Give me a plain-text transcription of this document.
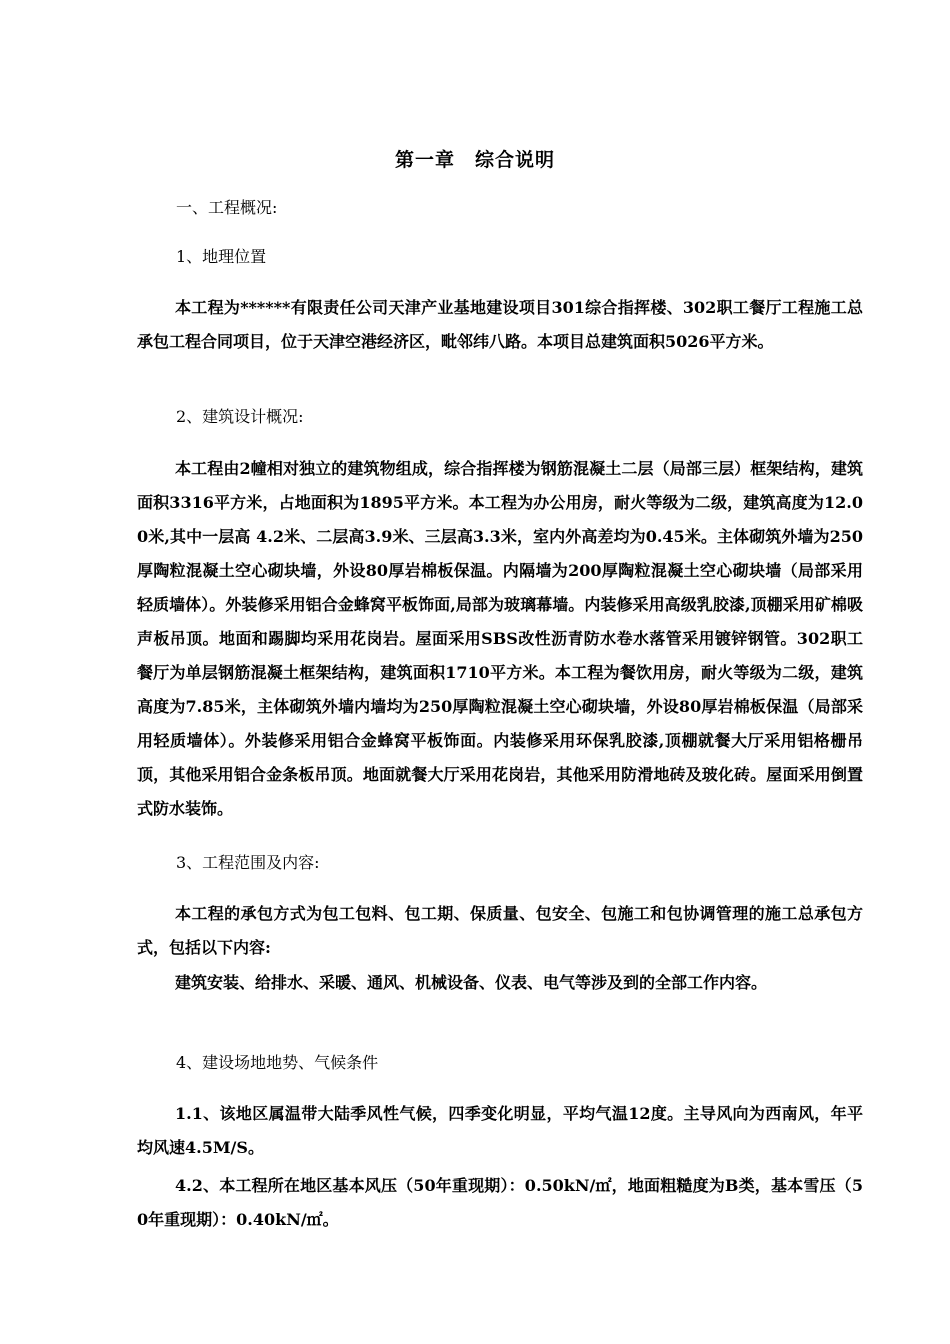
第一章　综合说明
一、工程概况:
1、地理位置
本工程为******有限责任公司天津产业基地建设项目301综合指挥楼、302职工餐厅工程施工总承包工程合同项目，位于天津空港经济区，毗邻纬八路。本项目总建筑面积5026平方米。
2、建筑设计概况:
本工程由2幢相对独立的建筑物组成，综合指挥楼为钢筋混凝土二层（局部三层）框架结构，建筑面积3316平方米，占地面积为1895平方米。本工程为办公用房，耐火等级为二级，建筑高度为12.00米,其中一层高 4.2米、二层高3.9米、三层高3.3米，室内外高差均为0.45米。主体砌筑外墙为250厚陶粒混凝土空心砌块墙，外设80厚岩棉板保温。内隔墙为200厚陶粒混凝土空心砌块墙（局部采用轻质墙体）。外装修采用铝合金蜂窝平板饰面,局部为玻璃幕墙。内装修采用高级乳胶漆,顶棚采用矿棉吸声板吊顶。地面和踢脚均采用花岗岩。屋面采用SBS改性沥青防水卷水落管采用镀锌钢管。302职工餐厅为单层钢筋混凝土框架结构，建筑面积1710平方米。本工程为餐饮用房，耐火等级为二级，建筑高度为7.85米，主体砌筑外墙内墙均为250厚陶粒混凝土空心砌块墙，外设80厚岩棉板保温（局部采用轻质墙体）。外装修采用铝合金蜂窝平板饰面。内装修采用环保乳胶漆,顶棚就餐大厅采用铝格栅吊顶，其他采用铝合金条板吊顶。地面就餐大厅采用花岗岩，其他采用防滑地砖及玻化砖。屋面采用倒置式防水装饰。
3、工程范围及内容:
本工程的承包方式为包工包料、包工期、保质量、包安全、包施工和包协调管理的施工总承包方式，包括以下内容:
建筑安装、给排水、采暖、通风、机械设备、仪表、电气等涉及到的全部工作内容。
4、建设场地地势、气候条件
1.1、该地区属温带大陆季风性气候，四季变化明显，平均气温12度。主导风向为西南风，年平均风速4.5M/S。
4.2、本工程所在地区基本风压（50年重现期）：0.50kN/㎡，地面粗糙度为B类，基本雪压（50年重现期）：0.40kN/㎡。
